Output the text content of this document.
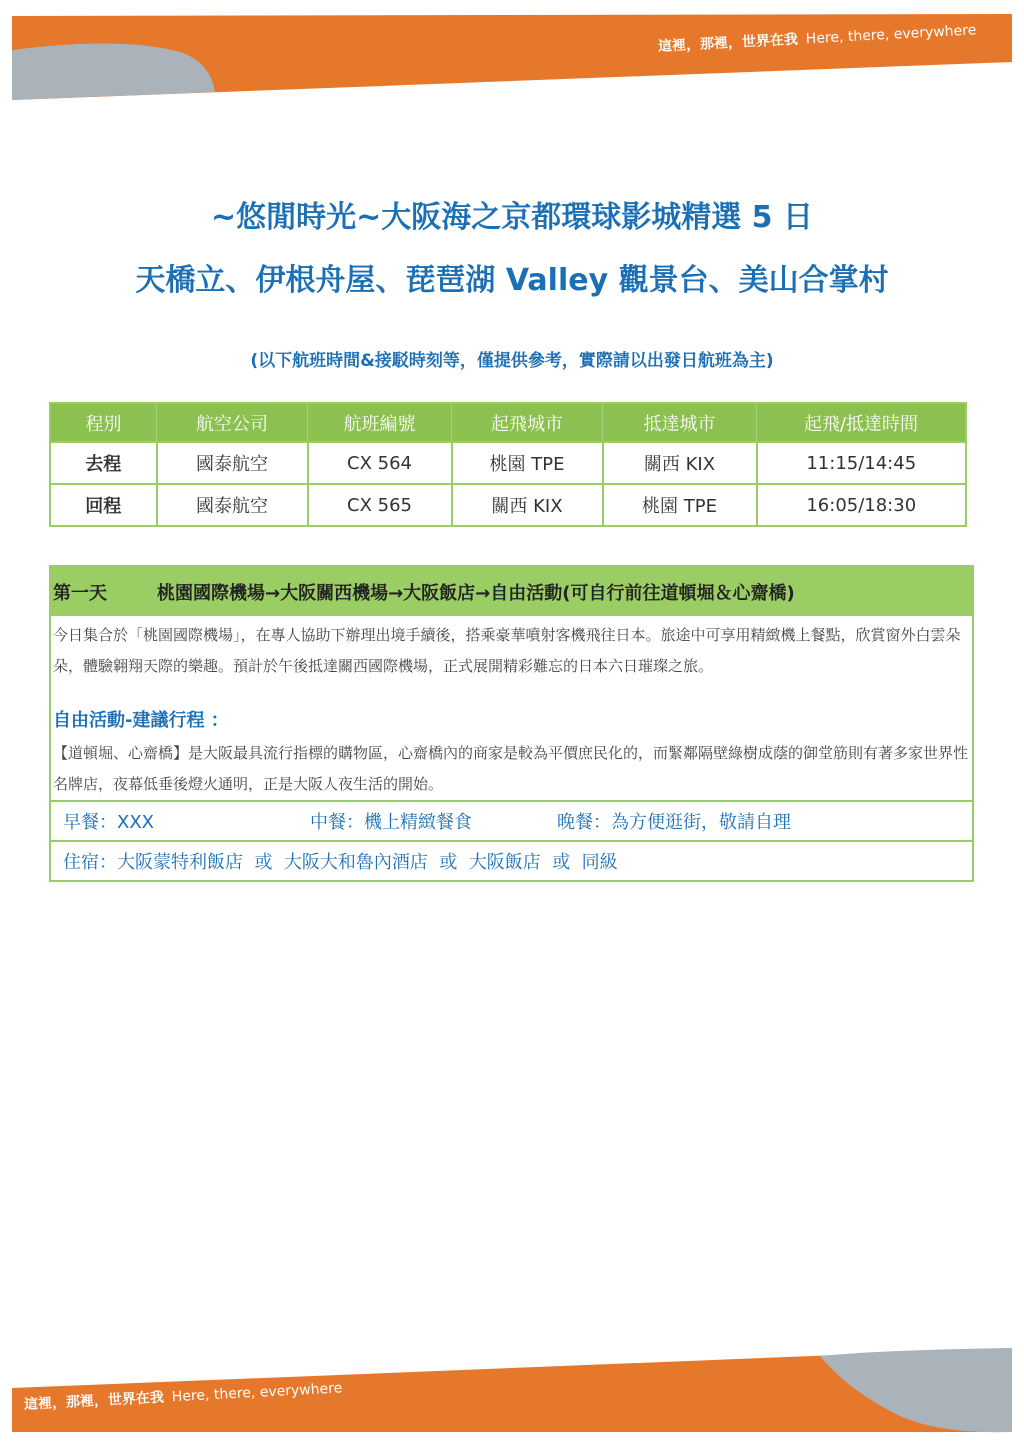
這裡，那裡，世界在我 Here, there, everywhere
~悠閒時光~大阪海之京都環球影城精選 5 日
天橋立、伊根舟屋、琵琶湖 Valley 觀景台、美山合掌村
(以下航班時間&接駁時刻等，僅提供參考，實際請以出發日航班為主)
程別	航空公司	航班編號	起飛城市	抵達城市	起飛/抵達時間
去程	國泰航空	CX 564	桃園 TPE	關西 KIX	11:15/14:45
回程	國泰航空	CX 565	關西 KIX	桃園 TPE	16:05/18:30
第一天	桃園國際機場→大阪關西機場→大阪飯店→自由活動(可自行前往道頓堀＆心齋橋)

今日集合於「桃園國際機場」，在專人協助下辦理出境手續後，搭乘豪華噴射客機飛往日本。旅途中可享用精緻機上餐點，欣賞窗外白雲朵朵，體驗翱翔天際的樂趣。預計於午後抵達關西國際機場，正式展開精彩難忘的日本六日璀璨之旅。

自由活動-建議行程 ：

【道頓堀、心齋橋】是大阪最具流行指標的購物區，心齋橋內的商家是較為平價庶民化的，而緊鄰隔壁綠樹成蔭的御堂筋則有著多家世界性名牌店，夜幕低垂後燈火通明，正是大阪人夜生活的開始。

早餐：XXX	中餐：機上精緻餐食	晚餐：為方便逛街，敬請自理
住宿：大阪蒙特利飯店  或  大阪大和魯內酒店  或  大阪飯店  或  同級
這裡，那裡，世界在我 Here, there, everywhere
